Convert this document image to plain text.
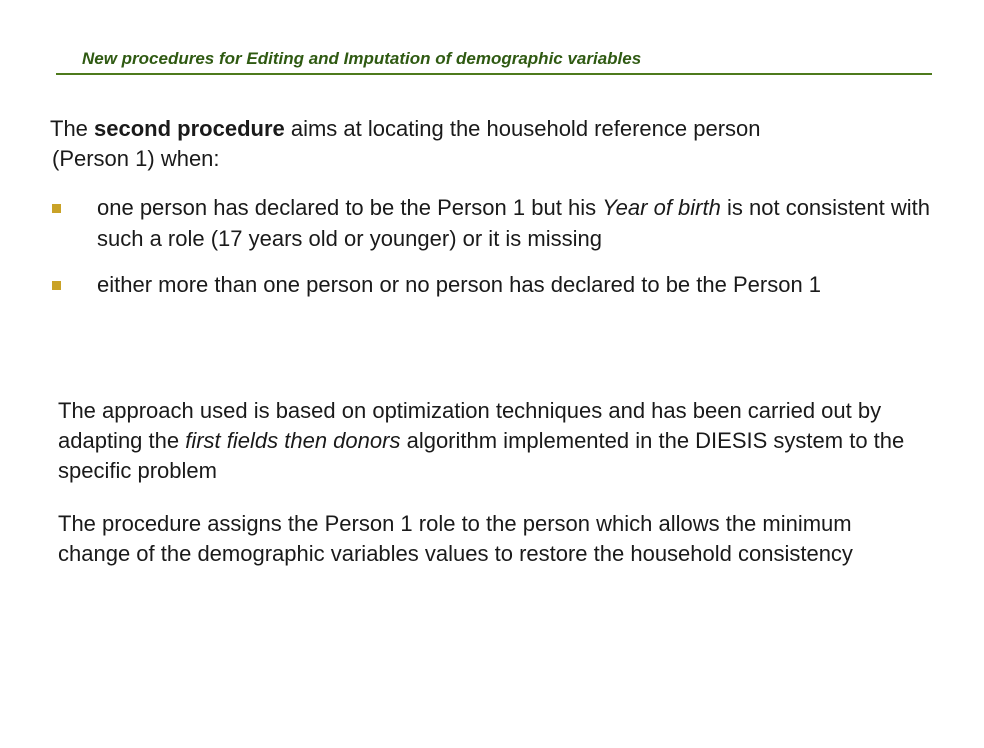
New procedures for Editing and Imputation of demographic variables

The second procedure aims at locating the household reference person
(Person 1) when:

one person has declared to be the Person 1 but his Year of birth is not consistent with such a role (17 years old or younger) or it is missing
either more than one person or no person has declared to be the Person 1

The approach used is based on optimization techniques and has been carried out by adapting the first fields then donors algorithm implemented in the DIESIS system to the specific problem

The procedure assigns the Person 1 role to the person which allows the minimum change of the demographic variables values to restore the household consistency
